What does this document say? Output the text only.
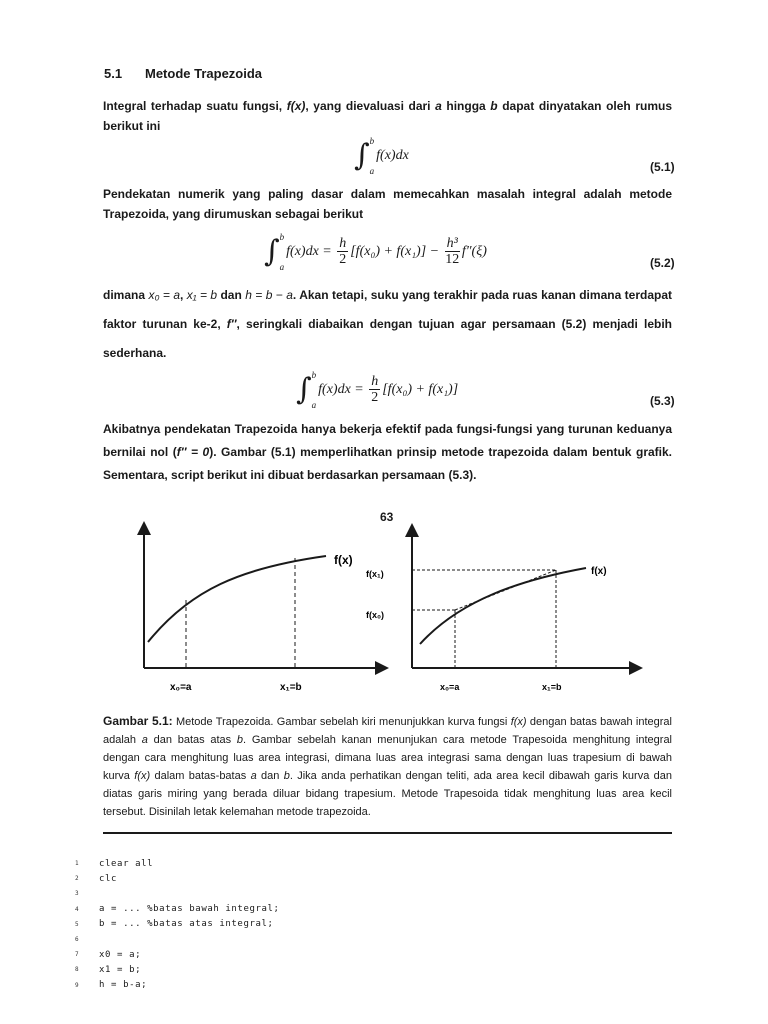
5.1 Metode Trapezoida
Integral terhadap suatu fungsi, f(x), yang dievaluasi dari a hingga b dapat dinyatakan oleh rumus berikut ini
∫ b
a
f(x)dx
(5.1)
Pendekatan numerik yang paling dasar dalam memecahkan masalah integral adalah metode Trapezoida, yang dirumuskan sebagai berikut
∫ b
a
$f(x)dx = \frac{h}{2} [f(x_0) + f(x_1)] - \frac{\text{h³}}{12} f''(\xi)$
(5.2)
dimana x₀ = a, x₁ = b dan h = b − a. Akan tetapi, suku yang terakhir pada ruas kanan dimana terdapat faktor turunan ke-2, f″, seringkali diabaikan dengan tujuan agar persamaan (5.2) menjadi lebih sederhana.
∫ b
a
$f(x)dx = \frac{h}{2} [f(x_0) + f(x_1)]$
(5.3)
Akibatnya pendekatan Trapezoida hanya bekerja efektif pada fungsi-fungsi yang turunan keduanya bernilai nol (f″ = 0). Gambar (5.1) memperlihatkan prinsip metode trapezoida dalam bentuk grafik. Sementara, script berikut ini dibuat berdasarkan persamaan (5.3).
63
f(x)
x₀=a	x₁=b
f(x)
f(x₁)
f(x₀)
x₀=a	x₁=b
Gambar 5.1: Metode Trapezoida. Gambar sebelah kiri menunjukkan kurva fungsi f(x) dengan batas bawah integral adalah a dan batas atas b. Gambar sebelah kanan menunjukan cara metode Trapesoida menghitung integral dengan cara menghitung luas area integrasi, dimana luas area integrasi sama dengan luas trapesium di bawah kurva f(x) dalam batas-batas a dan b. Jika anda perhatikan dengan teliti, ada area kecil dibawah garis kurva dan diatas garis miring yang berada diluar bidang trapesium. Metode Trapesoida tidak menghitung luas area kecil tersebut. Disinilah letak kelemahan metode trapezoida.
1	clear all
2	clc
3
4	a = ... %batas bawah integral;
5	b = ... %batas atas integral;
6
7	x0 = a;
8	x1 = b;
9	h = b-a;
